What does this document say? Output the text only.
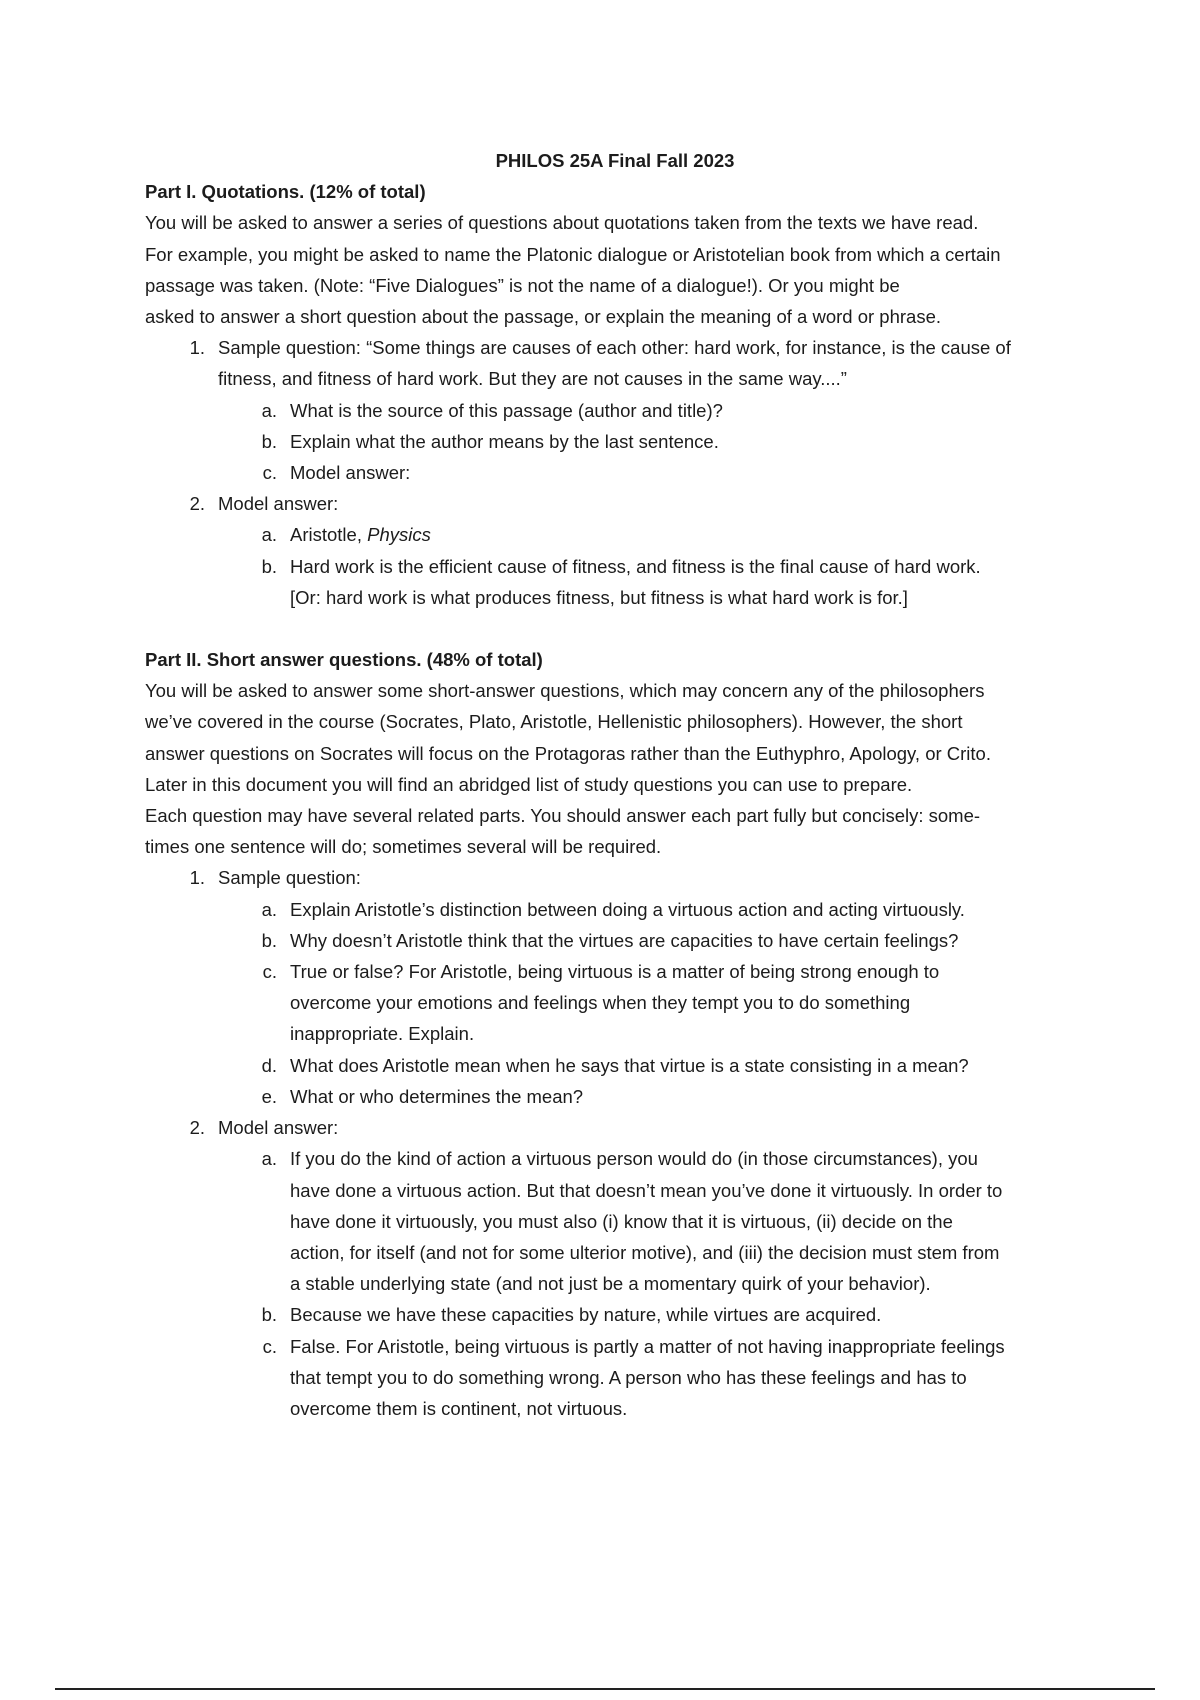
PHILOS 25A Final Fall 2023
Part I. Quotations. (12% of total)
You will be asked to answer a series of questions about quotations taken from the texts we have read.
For example, you might be asked to name the Platonic dialogue or Aristotelian book from which a certain
passage was taken. (Note: “Five Dialogues” is not the name of a dialogue!). Or you might be
asked to answer a short question about the passage, or explain the meaning of a word or phrase.
1. Sample question: “Some things are causes of each other: hard work, for instance, is the cause of
fitness, and fitness of hard work. But they are not causes in the same way....”
a. What is the source of this passage (author and title)?
b. Explain what the author means by the last sentence.
c. Model answer:
2. Model answer:
a. Aristotle, Physics
b. Hard work is the efficient cause of fitness, and fitness is the final cause of hard work.
[Or: hard work is what produces fitness, but fitness is what hard work is for.]
Part II. Short answer questions. (48% of total)
You will be asked to answer some short-answer questions, which may concern any of the philosophers
we’ve covered in the course (Socrates, Plato, Aristotle, Hellenistic philosophers). However, the short
answer questions on Socrates will focus on the Protagoras rather than the Euthyphro, Apology, or Crito.
Later in this document you will find an abridged list of study questions you can use to prepare.
Each question may have several related parts. You should answer each part fully but concisely: some-
times one sentence will do; sometimes several will be required.
1. Sample question:
a. Explain Aristotle’s distinction between doing a virtuous action and acting virtuously.
b. Why doesn’t Aristotle think that the virtues are capacities to have certain feelings?
c. True or false? For Aristotle, being virtuous is a matter of being strong enough to
overcome your emotions and feelings when they tempt you to do something
inappropriate. Explain.
d. What does Aristotle mean when he says that virtue is a state consisting in a mean?
e. What or who determines the mean?
2. Model answer:
a. If you do the kind of action a virtuous person would do (in those circumstances), you
have done a virtuous action. But that doesn’t mean you’ve done it virtuously. In order to
have done it virtuously, you must also (i) know that it is virtuous, (ii) decide on the
action, for itself (and not for some ulterior motive), and (iii) the decision must stem from
a stable underlying state (and not just be a momentary quirk of your behavior).
b. Because we have these capacities by nature, while virtues are acquired.
c. False. For Aristotle, being virtuous is partly a matter of not having inappropriate feelings
that tempt you to do something wrong. A person who has these feelings and has to
overcome them is continent, not virtuous.
